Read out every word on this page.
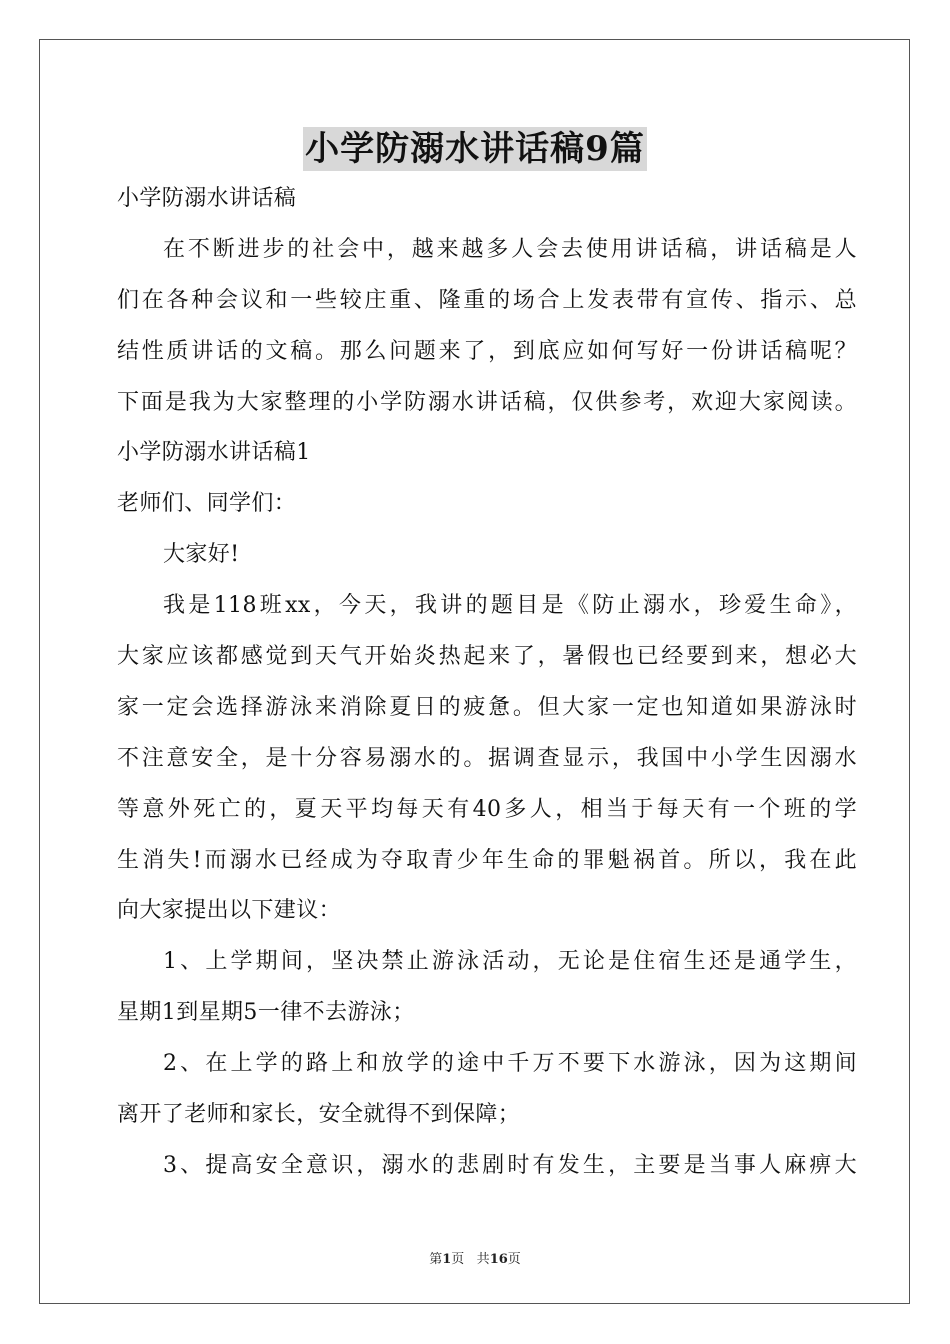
小学防溺水讲话稿9篇
小学防溺水讲话稿
在不断进步的社会中，越来越多人会去使用讲话稿，讲话稿是人
们在各种会议和一些较庄重、隆重的场合上发表带有宣传、指示、总
结性质讲话的文稿。那么问题来了，到底应如何写好一份讲话稿呢？
下面是我为大家整理的小学防溺水讲话稿，仅供参考，欢迎大家阅读。
小学防溺水讲话稿1
老师们、同学们：
大家好!
我是118班xx，今天，我讲的题目是《防止溺水，珍爱生命》，
大家应该都感觉到天气开始炎热起来了，暑假也已经要到来，想必大
家一定会选择游泳来消除夏日的疲惫。但大家一定也知道如果游泳时
不注意安全，是十分容易溺水的。据调查显示，我国中小学生因溺水
等意外死亡的，夏天平均每天有40多人，相当于每天有一个班的学
生消失!而溺水已经成为夺取青少年生命的罪魁祸首。所以，我在此
向大家提出以下建议：
1、上学期间，坚决禁止游泳活动，无论是住宿生还是通学生，
星期1到星期5一律不去游泳；
2、在上学的路上和放学的途中千万不要下水游泳，因为这期间
离开了老师和家长，安全就得不到保障；
3、提高安全意识，溺水的悲剧时有发生，主要是当事人麻痹大
第1页 共16页
